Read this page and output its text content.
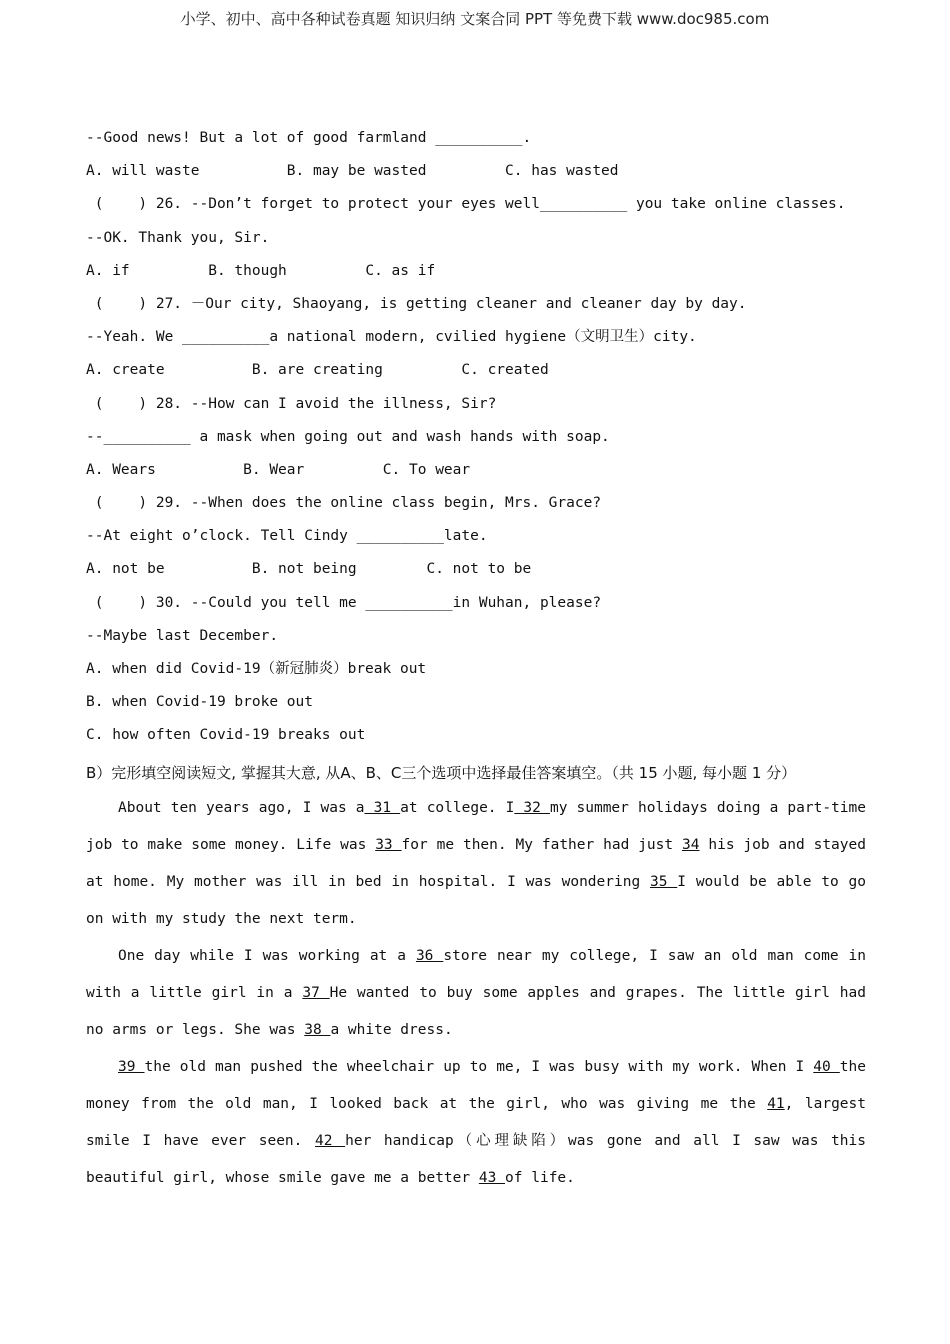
小学、初中、高中各种试卷真题 知识归纳 文案合同 PPT 等免费下载 www.doc985.com
--Good news! But a lot of good farmland __________.
A. will waste          B. may be wasted         C. has wasted
(    ) 26. --Don’t forget to protect your eyes well__________ you take online classes.
--OK. Thank you, Sir.
A. if         B. though         C. as if
(    ) 27. －Our city, Shaoyang, is getting cleaner and cleaner day by day.
--Yeah. We __________a national modern, cvilied hygiene（文明卫生）city.
A. create          B. are creating         C. created
(    ) 28. --How can I avoid the illness, Sir?
--__________ a mask when going out and wash hands with soap.
A. Wears          B. Wear         C. To wear
(    ) 29. --When does the online class begin, Mrs. Grace?
--At eight o’clock. Tell Cindy __________late.
A. not be          B. not being        C. not to be
(    ) 30. --Could you tell me __________in Wuhan, please?
--Maybe last December.
A. when did Covid-19（新冠肺炎）break out
B. when Covid-19 broke out
C. how often Covid-19 breaks out
B）完形填空阅读短文, 掌握其大意, 从A、B、C三个选项中选择最佳答案填空。（共 15 小题, 每小题 1 分）

About ten years ago, I was a 31 at college. I 32 my summer holidays doing a part-time job to make some money. Life was 33 for me then. My father had just 34 his job and stayed at home. My mother was ill in bed in hospital. I was wondering 35 I would be able to go on with my study the next term.

One day while I was working at a 36 store near my college, I saw an old man come in with a little girl in a 37 He wanted to buy some apples and grapes. The little girl had no arms or legs. She was 38 a white dress.

39 the old man pushed the wheelchair up to me, I was busy with my work. When I 40 the money from the old man, I looked back at the girl, who was giving me the 41, largest smile I have ever seen. 42 her handicap（心理缺陷）was gone and all I saw was this beautiful girl, whose smile gave me a better 43 of life.
